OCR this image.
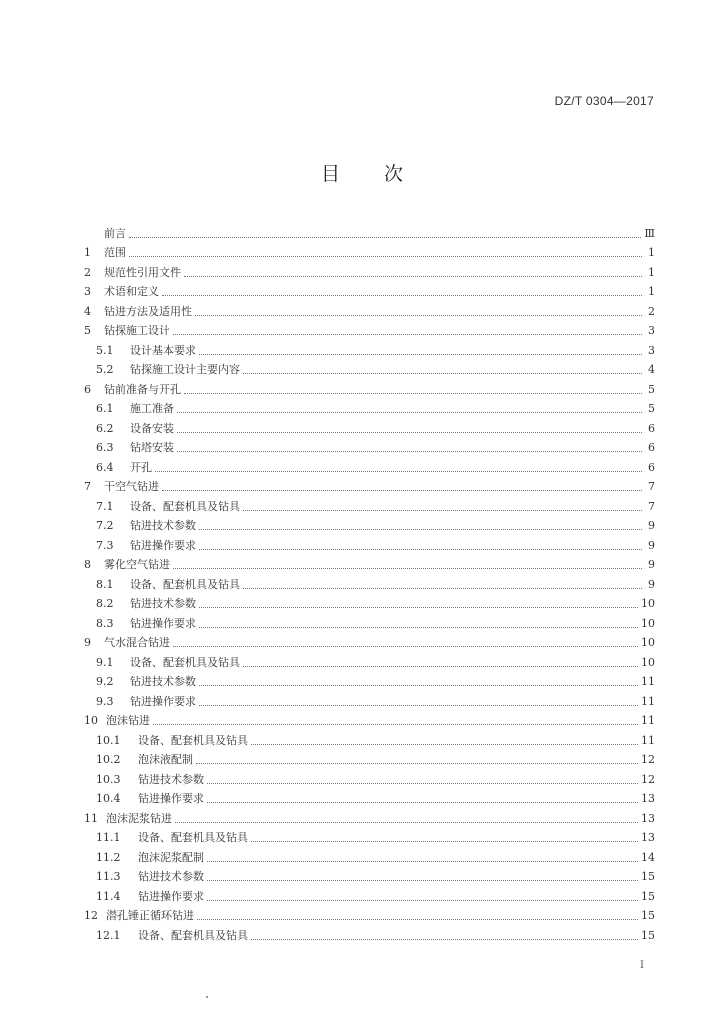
DZ/T 0304—2017
目 次
前言	Ⅲ
1	范围	1
2	规范性引用文件	1
3	术语和定义	1
4	钻进方法及适用性	2
5	钻探施工设计	3
5.1	设计基本要求	3
5.2	钻探施工设计主要内容	4
6	钻前准备与开孔	5
6.1	施工准备	5
6.2	设备安装	6
6.3	钻塔安装	6
6.4	开孔	6
7	干空气钻进	7
7.1	设备、配套机具及钻具	7
7.2	钻进技术参数	9
7.3	钻进操作要求	9
8	雾化空气钻进	9
8.1	设备、配套机具及钻具	9
8.2	钻进技术参数	10
8.3	钻进操作要求	10
9	气水混合钻进	10
9.1	设备、配套机具及钻具	10
9.2	钻进技术参数	11
9.3	钻进操作要求	11
10 泡沫钻进	11
10.1	设备、配套机具及钻具	11
10.2	泡沫液配制	12
10.3	钻进技术参数	12
10.4	钻进操作要求	13
11 泡沫泥浆钻进	13
11.1	设备、配套机具及钻具	13
11.2	泡沫泥浆配制	14
11.3	钻进技术参数	15
11.4	钻进操作要求	15
12 潜孔锤正循环钻进	15
12.1	设备、配套机具及钻具	15
Ⅰ
